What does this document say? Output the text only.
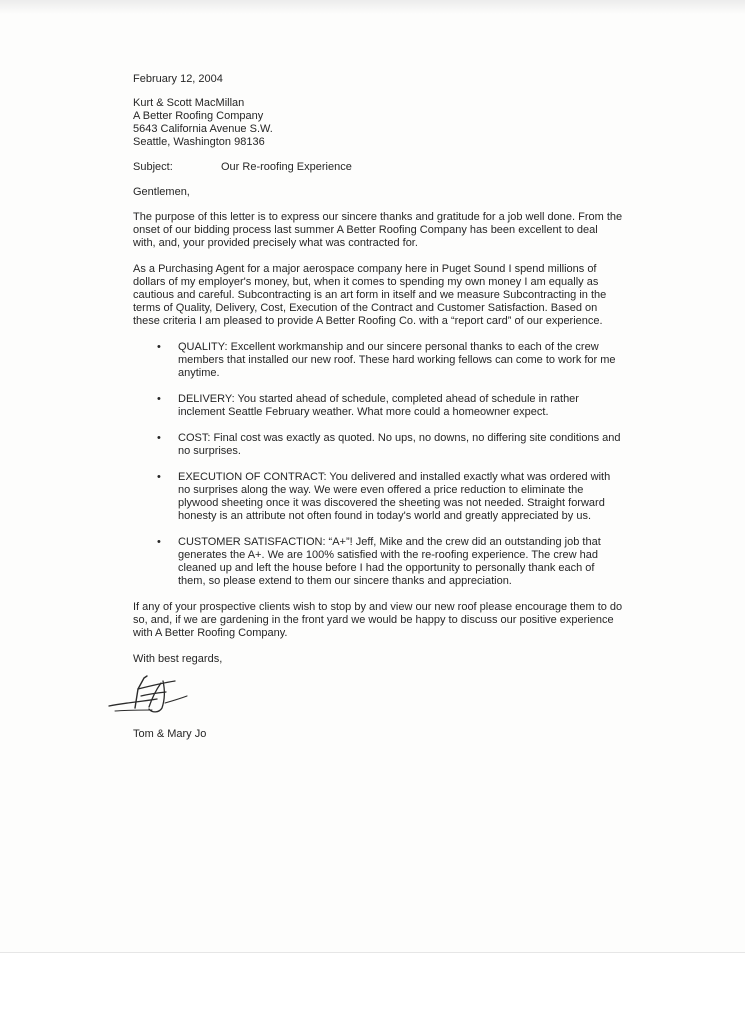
February 12, 2004

Kurt & Scott MacMillan
A Better Roofing Company
5643 California Avenue S.W.
Seattle, Washington 98136
Subject:	Our Re-roofing Experience

Gentlemen,

The purpose of this letter is to express our sincere thanks and gratitude for a job well done. From the onset of our bidding process last summer A Better Roofing Company has been excellent to deal with, and, your provided precisely what was contracted for.

As a Purchasing Agent for a major aerospace company here in Puget Sound I spend millions of dollars of my employer's money, but, when it comes to spending my own money I am equally as cautious and careful. Subcontracting is an art form in itself and we measure Subcontracting in the terms of Quality, Delivery, Cost, Execution of the Contract and Customer Satisfaction. Based on these criteria I am pleased to provide A Better Roofing Co. with a “report card” of our experience.

• QUALITY: Excellent workmanship and our sincere personal thanks to each of the crew members that installed our new roof. These hard working fellows can come to work for me anytime.
• DELIVERY: You started ahead of schedule, completed ahead of schedule in rather inclement Seattle February weather. What more could a homeowner expect.
• COST: Final cost was exactly as quoted. No ups, no downs, no differing site conditions and no surprises.
• EXECUTION OF CONTRACT: You delivered and installed exactly what was ordered with no surprises along the way. We were even offered a price reduction to eliminate the plywood sheeting once it was discovered the sheeting was not needed. Straight forward honesty is an attribute not often found in today's world and greatly appreciated by us.
• CUSTOMER SATISFACTION: “A+”! Jeff, Mike and the crew did an outstanding job that generates the A+. We are 100% satisfied with the re-roofing experience. The crew had cleaned up and left the house before I had the opportunity to personally thank each of them, so please extend to them our sincere thanks and appreciation.

If any of your prospective clients wish to stop by and view our new roof please encourage them to do so, and, if we are gardening in the front yard we would be happy to discuss our positive experience with A Better Roofing Company.

With best regards,

Tom & Mary Jo
